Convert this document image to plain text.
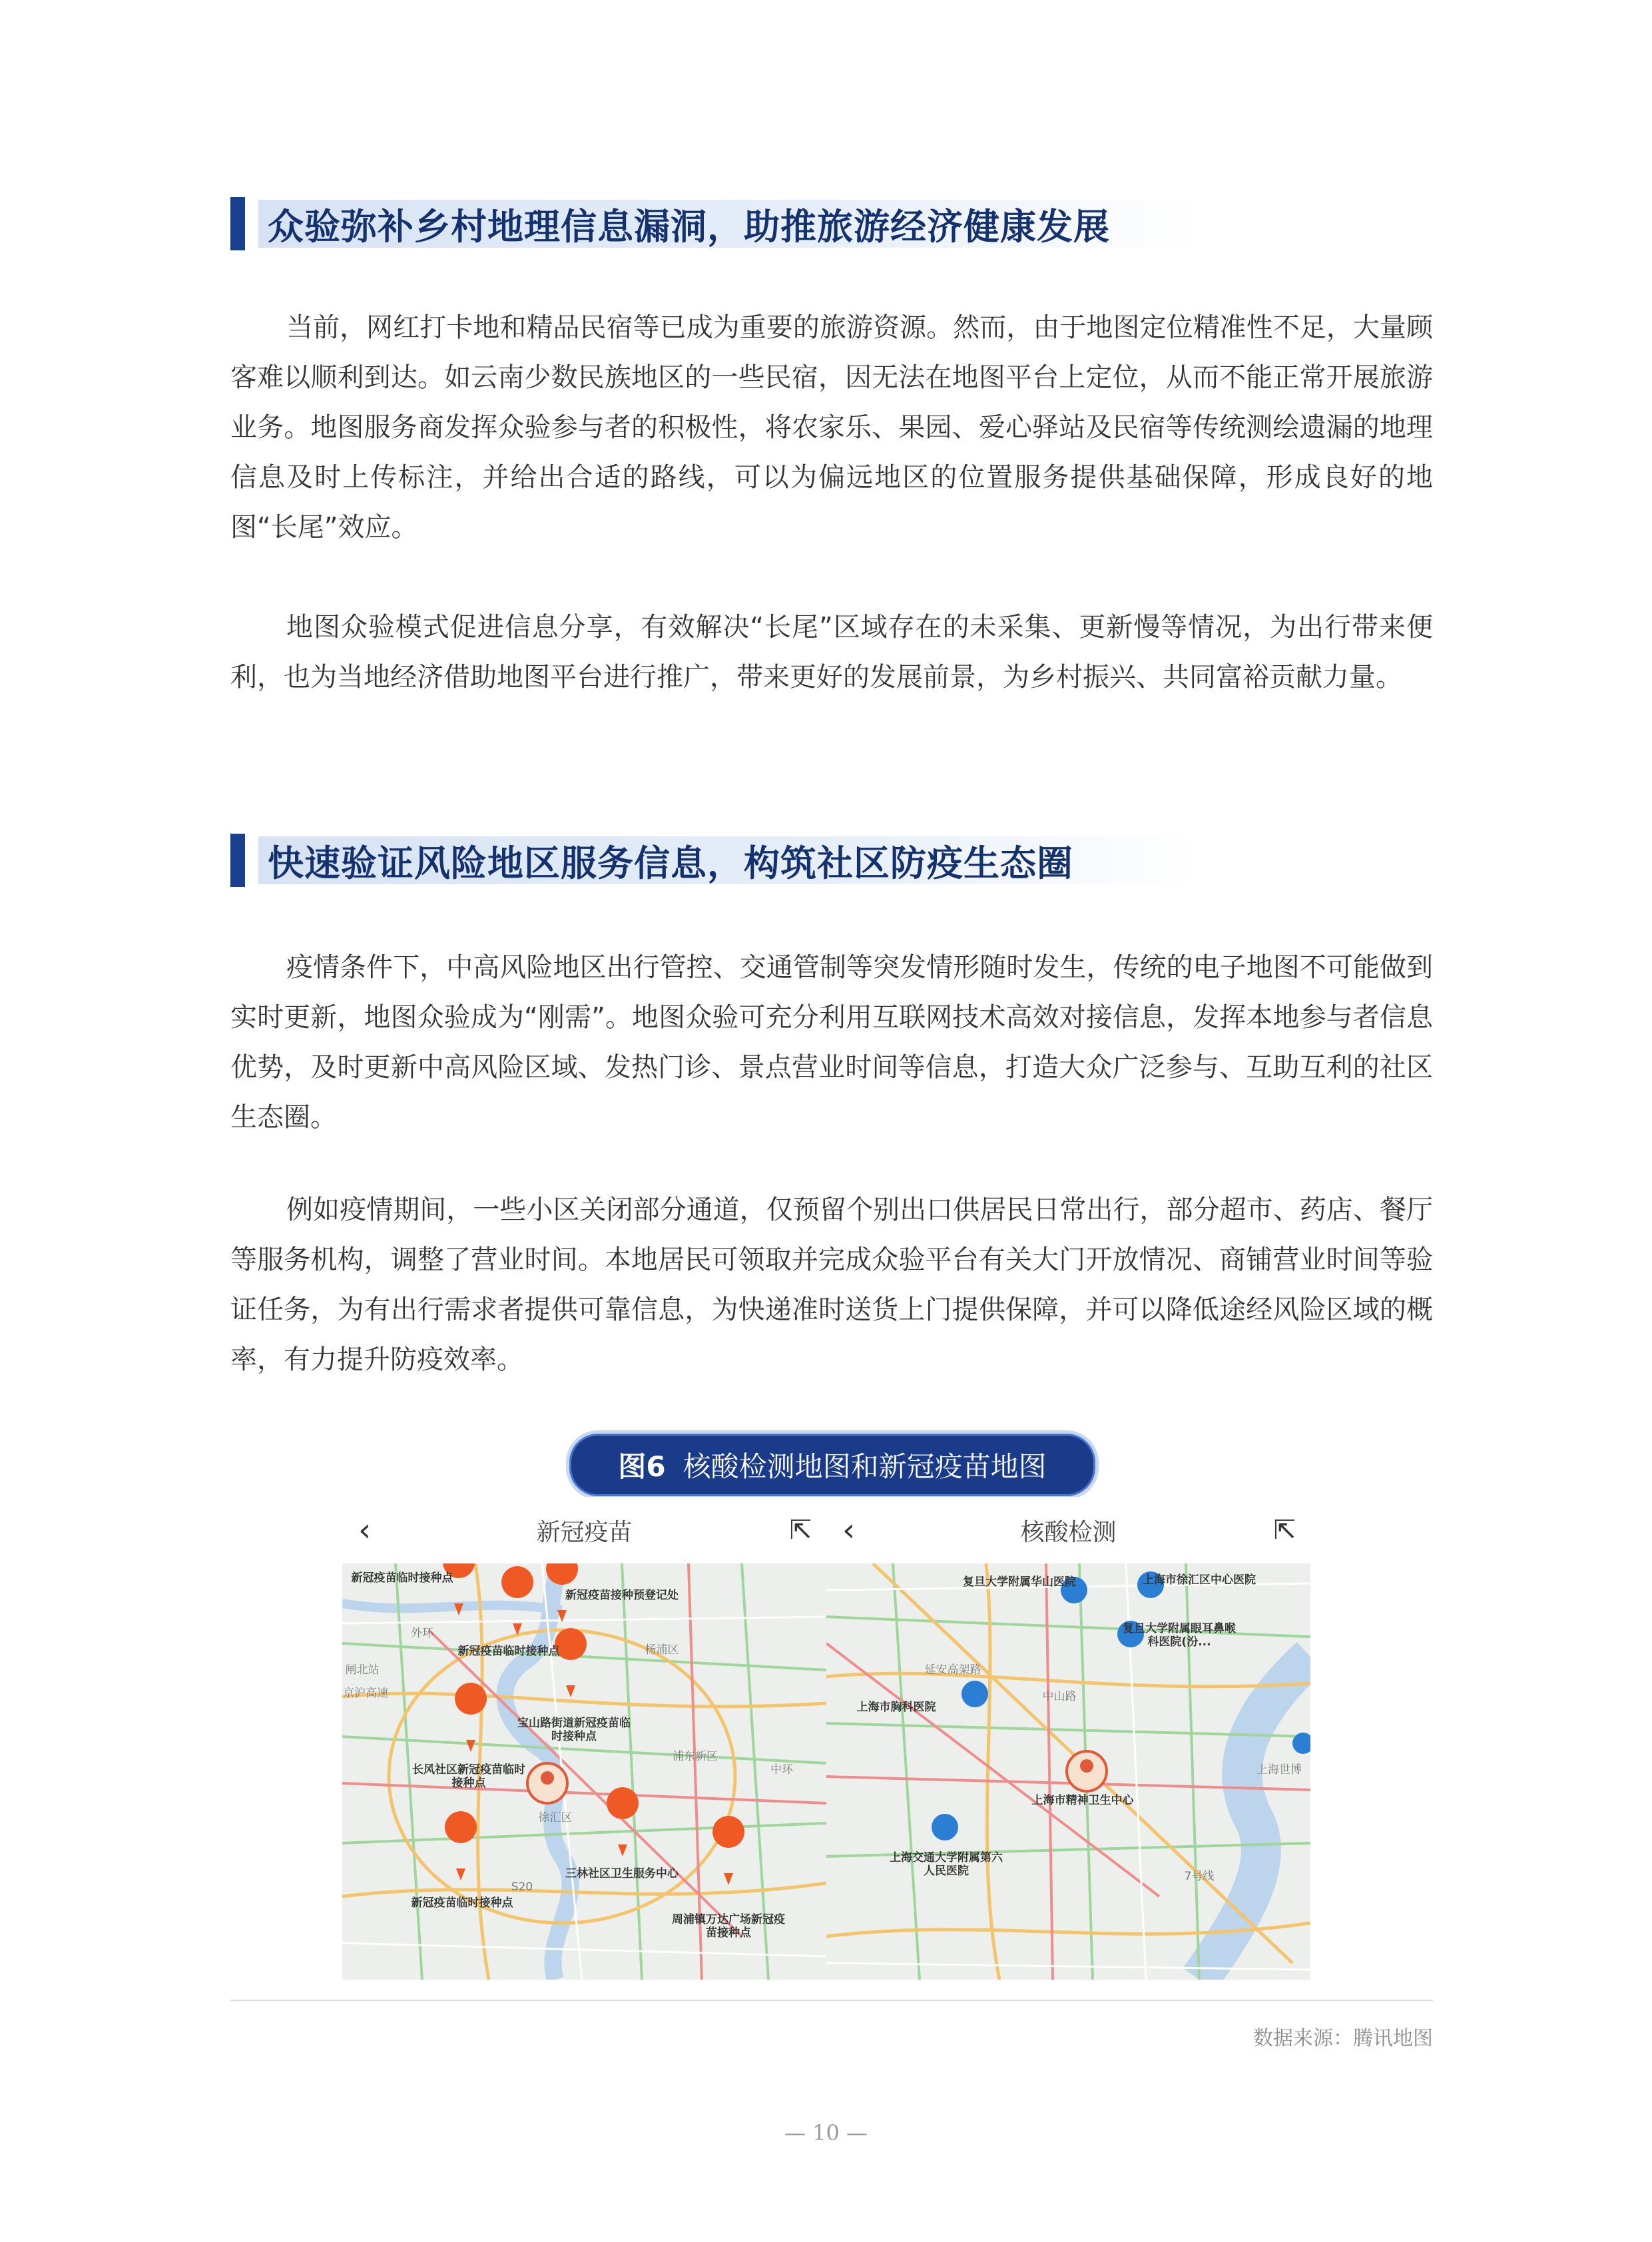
众验弥补乡村地理信息漏洞，助推旅游经济健康发展

当前，网红打卡地和精品民宿等已成为重要的旅游资源。然而，由于地图定位精准性不足，大量顾客难以顺利到达。如云南少数民族地区的一些民宿，因无法在地图平台上定位，从而不能正常开展旅游业务。地图服务商发挥众验参与者的积极性，将农家乐、果园、爱心驿站及民宿等传统测绘遗漏的地理信息及时上传标注，并给出合适的路线，可以为偏远地区的位置服务提供基础保障，形成良好的地图“长尾”效应。

地图众验模式促进信息分享，有效解决“长尾”区域存在的未采集、更新慢等情况，为出行带来便利，也为当地经济借助地图平台进行推广，带来更好的发展前景，为乡村振兴、共同富裕贡献力量。

快速验证风险地区服务信息，构筑社区防疫生态圈

疫情条件下，中高风险地区出行管控、交通管制等突发情形随时发生，传统的电子地图不可能做到实时更新，地图众验成为“刚需”。地图众验可充分利用互联网技术高效对接信息，发挥本地参与者信息优势，及时更新中高风险区域、发热门诊、景点营业时间等信息，打造大众广泛参与、互助互利的社区生态圈。

例如疫情期间，一些小区关闭部分通道，仅预留个别出口供居民日常出行，部分超市、药店、餐厅等服务机构，调整了营业时间。本地居民可领取并完成众验平台有关大门开放情况、商铺营业时间等验证任务，为有出行需求者提供可靠信息，为快递准时送货上门提供保障，并可以降低途经风险区域的概率，有力提升防疫效率。

图6 核酸检测地图和新冠疫苗地图
‹	新冠疫苗	⇱
新冠疫苗临时接种点
新冠疫苗接种预登记处
新冠疫苗临时接种点
宝山路街道新冠疫苗临时接种点
长风社区新冠疫苗临时接种点
新冠疫苗临时接种点
三林社区卫生服务中心
周浦镇万达广场新冠疫苗接种点
杨浦区
浦东新区
徐汇区
外环
中环
S20
京沪高速
闸北站
‹	核酸检测	⇱
复旦大学附属华山医院	上海市徐汇区中心医院
复旦大学附属眼耳鼻喉科医院(汾...
上海市胸科医院
上海市精神卫生中心
上海交通大学附属第六人民医院
延安高架路
中山路
7号线
上海世博
数据来源：腾讯地图
— 10 —
